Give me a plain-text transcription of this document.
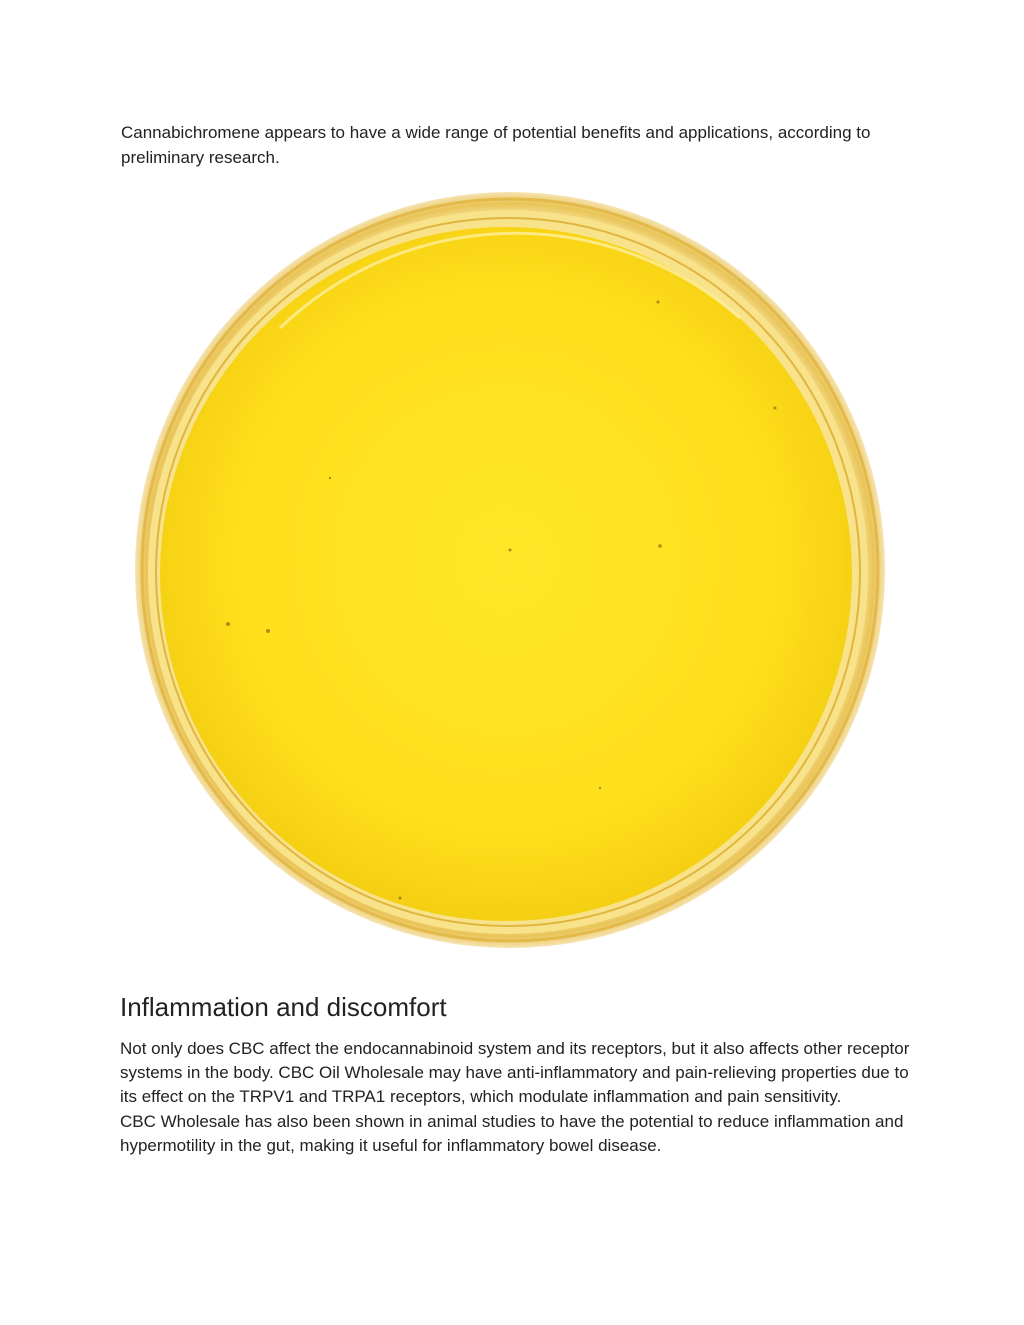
Cannabichromene appears to have a wide range of potential benefits and applications, according to preliminary research.

Inflammation and discomfort
Not only does CBC affect the endocannabinoid system and its receptors, but it also affects other receptor systems in the body. CBC Oil Wholesale may have anti-inflammatory and pain-relieving properties due to its effect on the TRPV1 and TRPA1 receptors, which modulate inflammation and pain sensitivity.
CBC Wholesale has also been shown in animal studies to have the potential to reduce inflammation and hypermotility in the gut, making it useful for inflammatory bowel disease.
